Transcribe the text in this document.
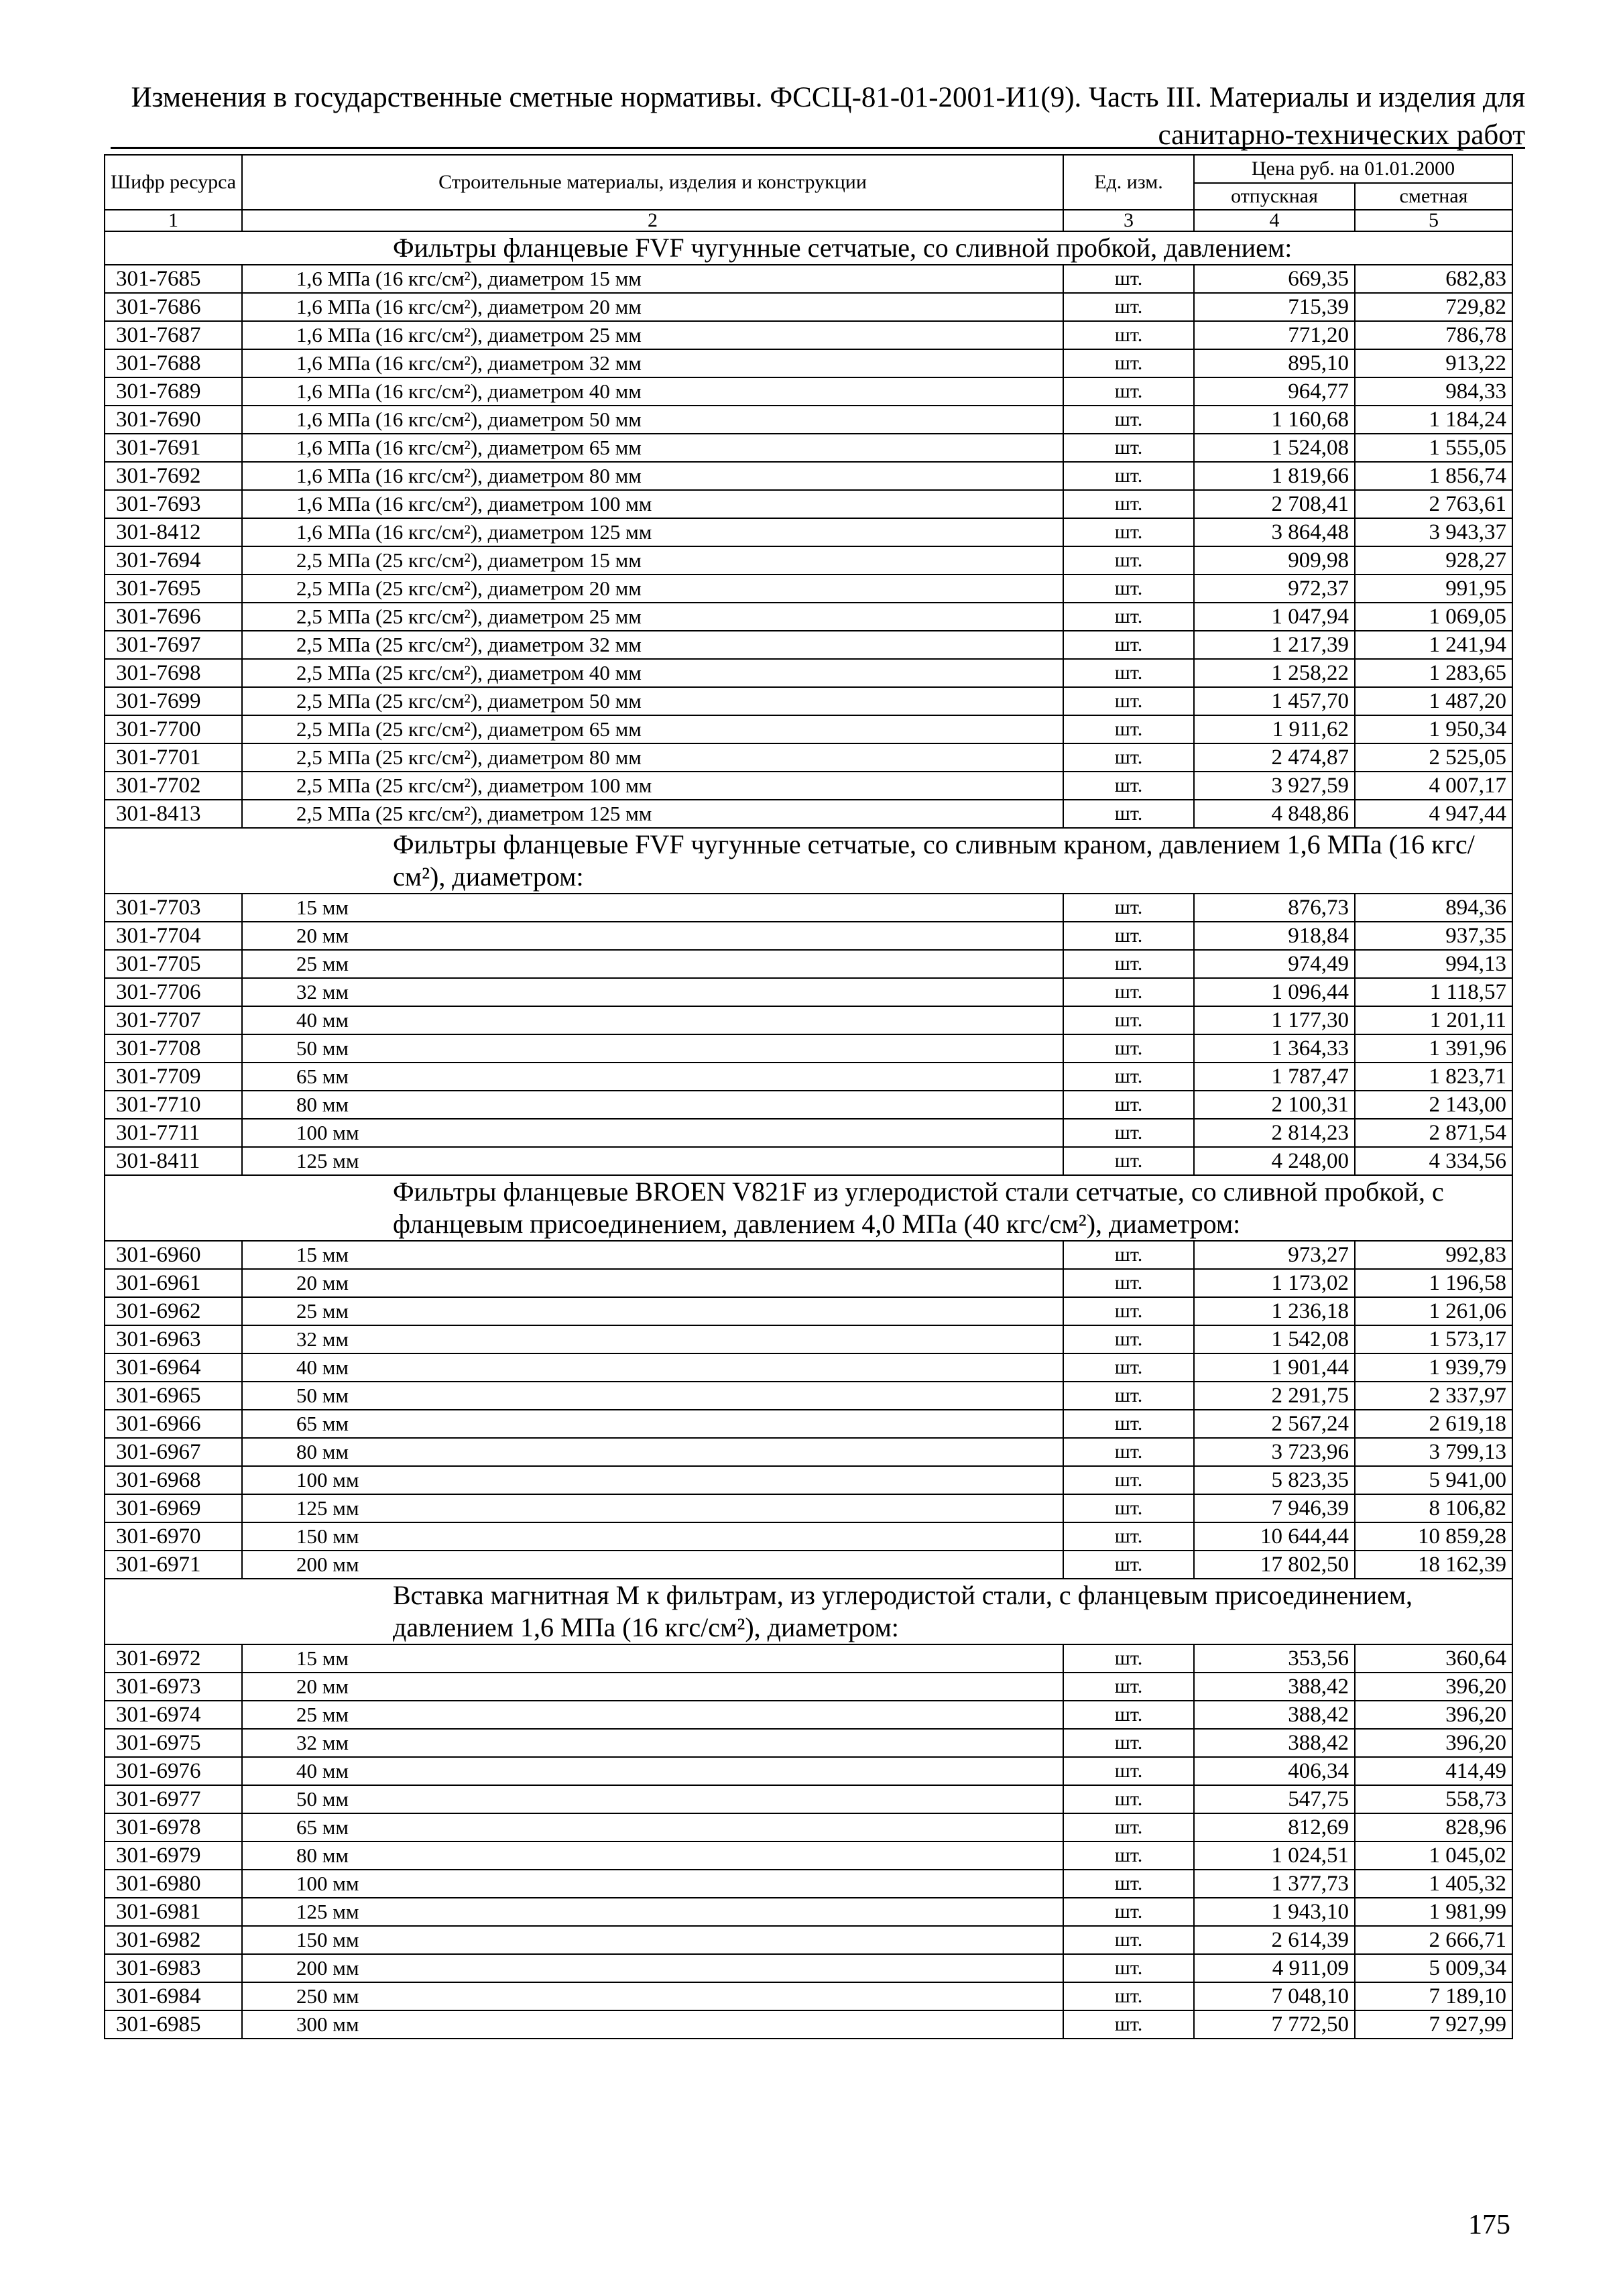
Изменения в государственные сметные нормативы. ФССЦ-81-01-2001-И1(9). Часть III. Материалы и изделия для
санитарно-технических работ
Шифр ресурса	Строительные материалы, изделия и конструкции	Ед. изм.	Цена руб. на 01.01.2000	
			отпускная	сметная
1	2	3	4	5
	Фильтры фланцевые FVF чугунные сетчатые, со сливной пробкой, давлением:			
301-7685	1,6 МПа (16 кгс/см²), диаметром 15 мм	шт.	669,35	682,83
301-7686	1,6 МПа (16 кгс/см²), диаметром 20 мм	шт.	715,39	729,82
301-7687	1,6 МПа (16 кгс/см²), диаметром 25 мм	шт.	771,20	786,78
301-7688	1,6 МПа (16 кгс/см²), диаметром 32 мм	шт.	895,10	913,22
301-7689	1,6 МПа (16 кгс/см²), диаметром 40 мм	шт.	964,77	984,33
301-7690	1,6 МПа (16 кгс/см²), диаметром 50 мм	шт.	1 160,68	1 184,24
301-7691	1,6 МПа (16 кгс/см²), диаметром 65 мм	шт.	1 524,08	1 555,05
301-7692	1,6 МПа (16 кгс/см²), диаметром 80 мм	шт.	1 819,66	1 856,74
301-7693	1,6 МПа (16 кгс/см²), диаметром 100 мм	шт.	2 708,41	2 763,61
301-8412	1,6 МПа (16 кгс/см²), диаметром 125 мм	шт.	3 864,48	3 943,37
301-7694	2,5 МПа (25 кгс/см²), диаметром 15 мм	шт.	909,98	928,27
301-7695	2,5 МПа (25 кгс/см²), диаметром 20 мм	шт.	972,37	991,95
301-7696	2,5 МПа (25 кгс/см²), диаметром 25 мм	шт.	1 047,94	1 069,05
301-7697	2,5 МПа (25 кгс/см²), диаметром 32 мм	шт.	1 217,39	1 241,94
301-7698	2,5 МПа (25 кгс/см²), диаметром 40 мм	шт.	1 258,22	1 283,65
301-7699	2,5 МПа (25 кгс/см²), диаметром 50 мм	шт.	1 457,70	1 487,20
301-7700	2,5 МПа (25 кгс/см²), диаметром 65 мм	шт.	1 911,62	1 950,34
301-7701	2,5 МПа (25 кгс/см²), диаметром 80 мм	шт.	2 474,87	2 525,05
301-7702	2,5 МПа (25 кгс/см²), диаметром 100 мм	шт.	3 927,59	4 007,17
301-8413	2,5 МПа (25 кгс/см²), диаметром 125 мм	шт.	4 848,86	4 947,44
	Фильтры фланцевые FVF чугунные сетчатые, со сливным краном, давлением 1,6 МПа (16 кгс/см²), диаметром:			
301-7703	15 мм	шт.	876,73	894,36
301-7704	20 мм	шт.	918,84	937,35
301-7705	25 мм	шт.	974,49	994,13
301-7706	32 мм	шт.	1 096,44	1 118,57
301-7707	40 мм	шт.	1 177,30	1 201,11
301-7708	50 мм	шт.	1 364,33	1 391,96
301-7709	65 мм	шт.	1 787,47	1 823,71
301-7710	80 мм	шт.	2 100,31	2 143,00
301-7711	100 мм	шт.	2 814,23	2 871,54
301-8411	125 мм	шт.	4 248,00	4 334,56
	Фильтры фланцевые BROEN V821F из углеродистой стали сетчатые, со сливной пробкой, с фланцевым присоединением, давлением 4,0 МПа (40 кгс/см²), диаметром:			
301-6960	15 мм	шт.	973,27	992,83
301-6961	20 мм	шт.	1 173,02	1 196,58
301-6962	25 мм	шт.	1 236,18	1 261,06
301-6963	32 мм	шт.	1 542,08	1 573,17
301-6964	40 мм	шт.	1 901,44	1 939,79
301-6965	50 мм	шт.	2 291,75	2 337,97
301-6966	65 мм	шт.	2 567,24	2 619,18
301-6967	80 мм	шт.	3 723,96	3 799,13
301-6968	100 мм	шт.	5 823,35	5 941,00
301-6969	125 мм	шт.	7 946,39	8 106,82
301-6970	150 мм	шт.	10 644,44	10 859,28
301-6971	200 мм	шт.	17 802,50	18 162,39
	Вставка магнитная М к фильтрам, из углеродистой стали, с фланцевым присоединением, давлением 1,6 МПа (16 кгс/см²), диаметром:			
301-6972	15 мм	шт.	353,56	360,64
301-6973	20 мм	шт.	388,42	396,20
301-6974	25 мм	шт.	388,42	396,20
301-6975	32 мм	шт.	388,42	396,20
301-6976	40 мм	шт.	406,34	414,49
301-6977	50 мм	шт.	547,75	558,73
301-6978	65 мм	шт.	812,69	828,96
301-6979	80 мм	шт.	1 024,51	1 045,02
301-6980	100 мм	шт.	1 377,73	1 405,32
301-6981	125 мм	шт.	1 943,10	1 981,99
301-6982	150 мм	шт.	2 614,39	2 666,71
301-6983	200 мм	шт.	4 911,09	5 009,34
301-6984	250 мм	шт.	7 048,10	7 189,10
301-6985	300 мм	шт.	7 772,50	7 927,99
175
